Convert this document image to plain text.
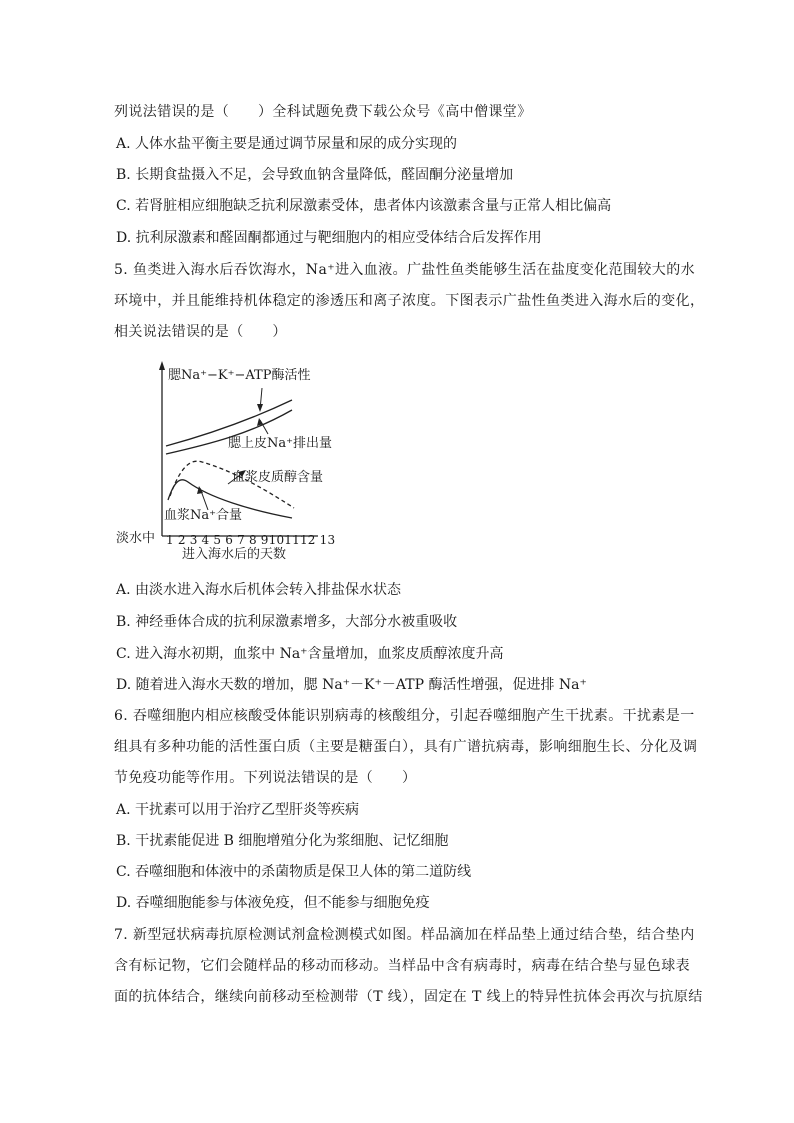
列说法错误的是（　　）全科试题免费下载公众号《高中僧课堂》
A. 人体水盐平衡主要是通过调节尿量和尿的成分实现的
B. 长期食盐摄入不足，会导致血钠含量降低，醛固酮分泌量增加
C. 若肾脏相应细胞缺乏抗利尿激素受体，患者体内该激素含量与正常人相比偏高
D. 抗利尿激素和醛固酮都通过与靶细胞内的相应受体结合后发挥作用
5. 鱼类进入海水后吞饮海水，Na⁺进入血液。广盐性鱼类能够生活在盐度变化范围较大的水
环境中，并且能维持机体稳定的渗透压和离子浓度。下图表示广盐性鱼类进入海水后的变化，
相关说法错误的是（　　）
腮Na⁺−K⁺−ATP酶活性
腮上皮Na⁺排出量
血浆皮质醇含量
血浆Na⁺合量
淡水中 1 2 3 4 5 6 7 8 9101112 13
进入海水后的天数
A. 由淡水进入海水后机体会转入排盐保水状态
B. 神经垂体合成的抗利尿激素增多，大部分水被重吸收
C. 进入海水初期，血浆中 Na⁺含量增加，血浆皮质醇浓度升高
D. 随着进入海水天数的增加，腮 Na⁺－K⁺－ATP 酶活性增强，促进排 Na⁺
6. 吞噬细胞内相应核酸受体能识别病毒的核酸组分，引起吞噬细胞产生干扰素。干扰素是一
组具有多种功能的活性蛋白质（主要是糖蛋白），具有广谱抗病毒，影响细胞生长、分化及调
节免疫功能等作用。下列说法错误的是（　　）
A. 干扰素可以用于治疗乙型肝炎等疾病
B. 干扰素能促进 B 细胞增殖分化为浆细胞、记忆细胞
C. 吞噬细胞和体液中的杀菌物质是保卫人体的第二道防线
D. 吞噬细胞能参与体液免疫，但不能参与细胞免疫
7. 新型冠状病毒抗原检测试剂盒检测模式如图。样品滴加在样品垫上通过结合垫，结合垫内
含有标记物，它们会随样品的移动而移动。当样品中含有病毒时，病毒在结合垫与显色球表
面的抗体结合，继续向前移动至检测带（T 线），固定在 T 线上的特异性抗体会再次与抗原结
